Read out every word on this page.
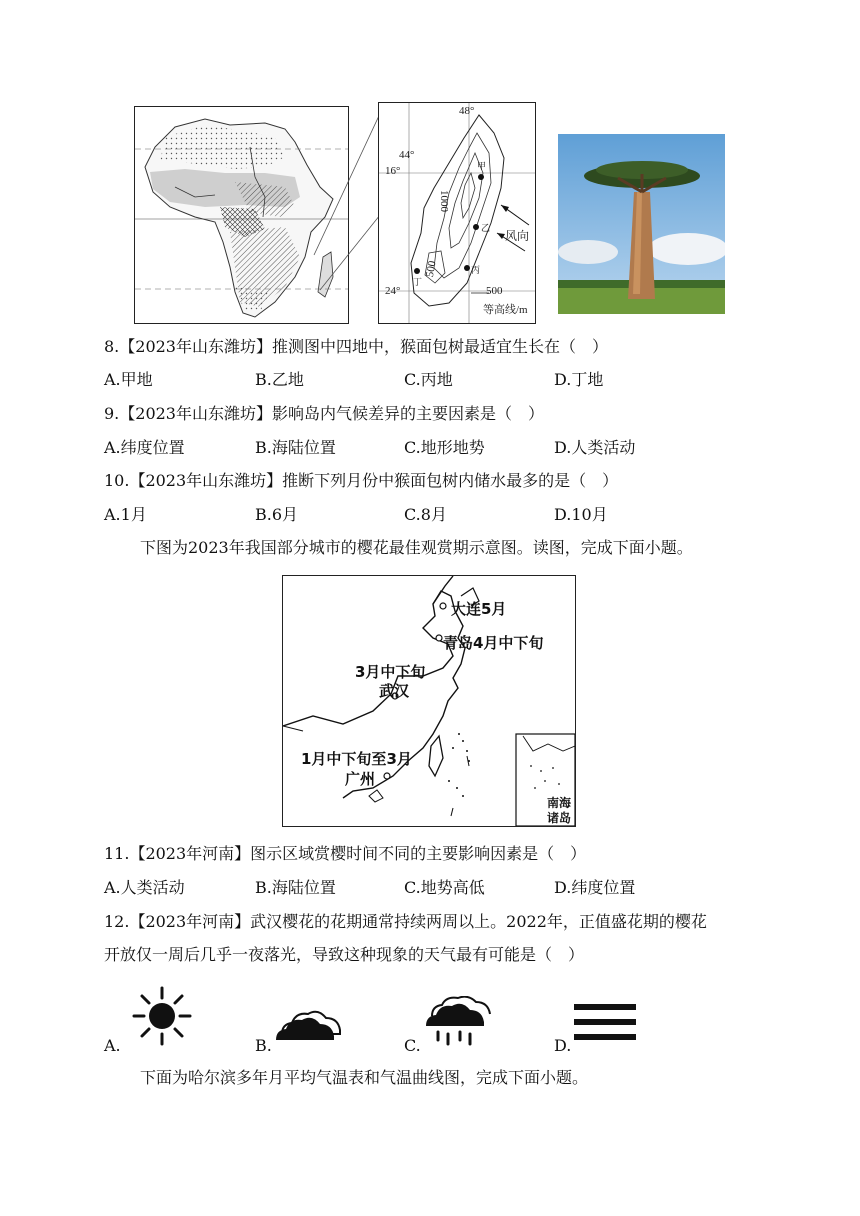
48°
44°
16°
24°
1000
500
500
甲
乙
丙
丁
风向
等高线/m
8.【2023年山东潍坊】推测图中四地中，猴面包树最适宜生长在（　）
A.甲地	B.乙地	C.丙地	D.丁地
9.【2023年山东潍坊】影响岛内气候差异的主要因素是（　）
A.纬度位置	B.海陆位置	C.地形地势	D.人类活动
10.【2023年山东潍坊】推断下列月份中猴面包树内储水最多的是（　）
A.1月	B.6月	C.8月	D.10月
下图为2023年我国部分城市的樱花最佳观赏期示意图。读图，完成下面小题。
大连5月
青岛4月中下旬
3月中下旬
武汉
1月中下旬至3月
广州
南海
诸岛
11.【2023年河南】图示区域赏樱时间不同的主要影响因素是（　）
A.人类活动	B.海陆位置	C.地势高低	D.纬度位置
12.【2023年河南】武汉樱花的花期通常持续两周以上。2022年，正值盛花期的樱花
开放仅一周后几乎一夜落光，导致这种现象的天气最有可能是（　）
A.	B.	C.	D.
下面为哈尔滨多年月平均气温表和气温曲线图，完成下面小题。
